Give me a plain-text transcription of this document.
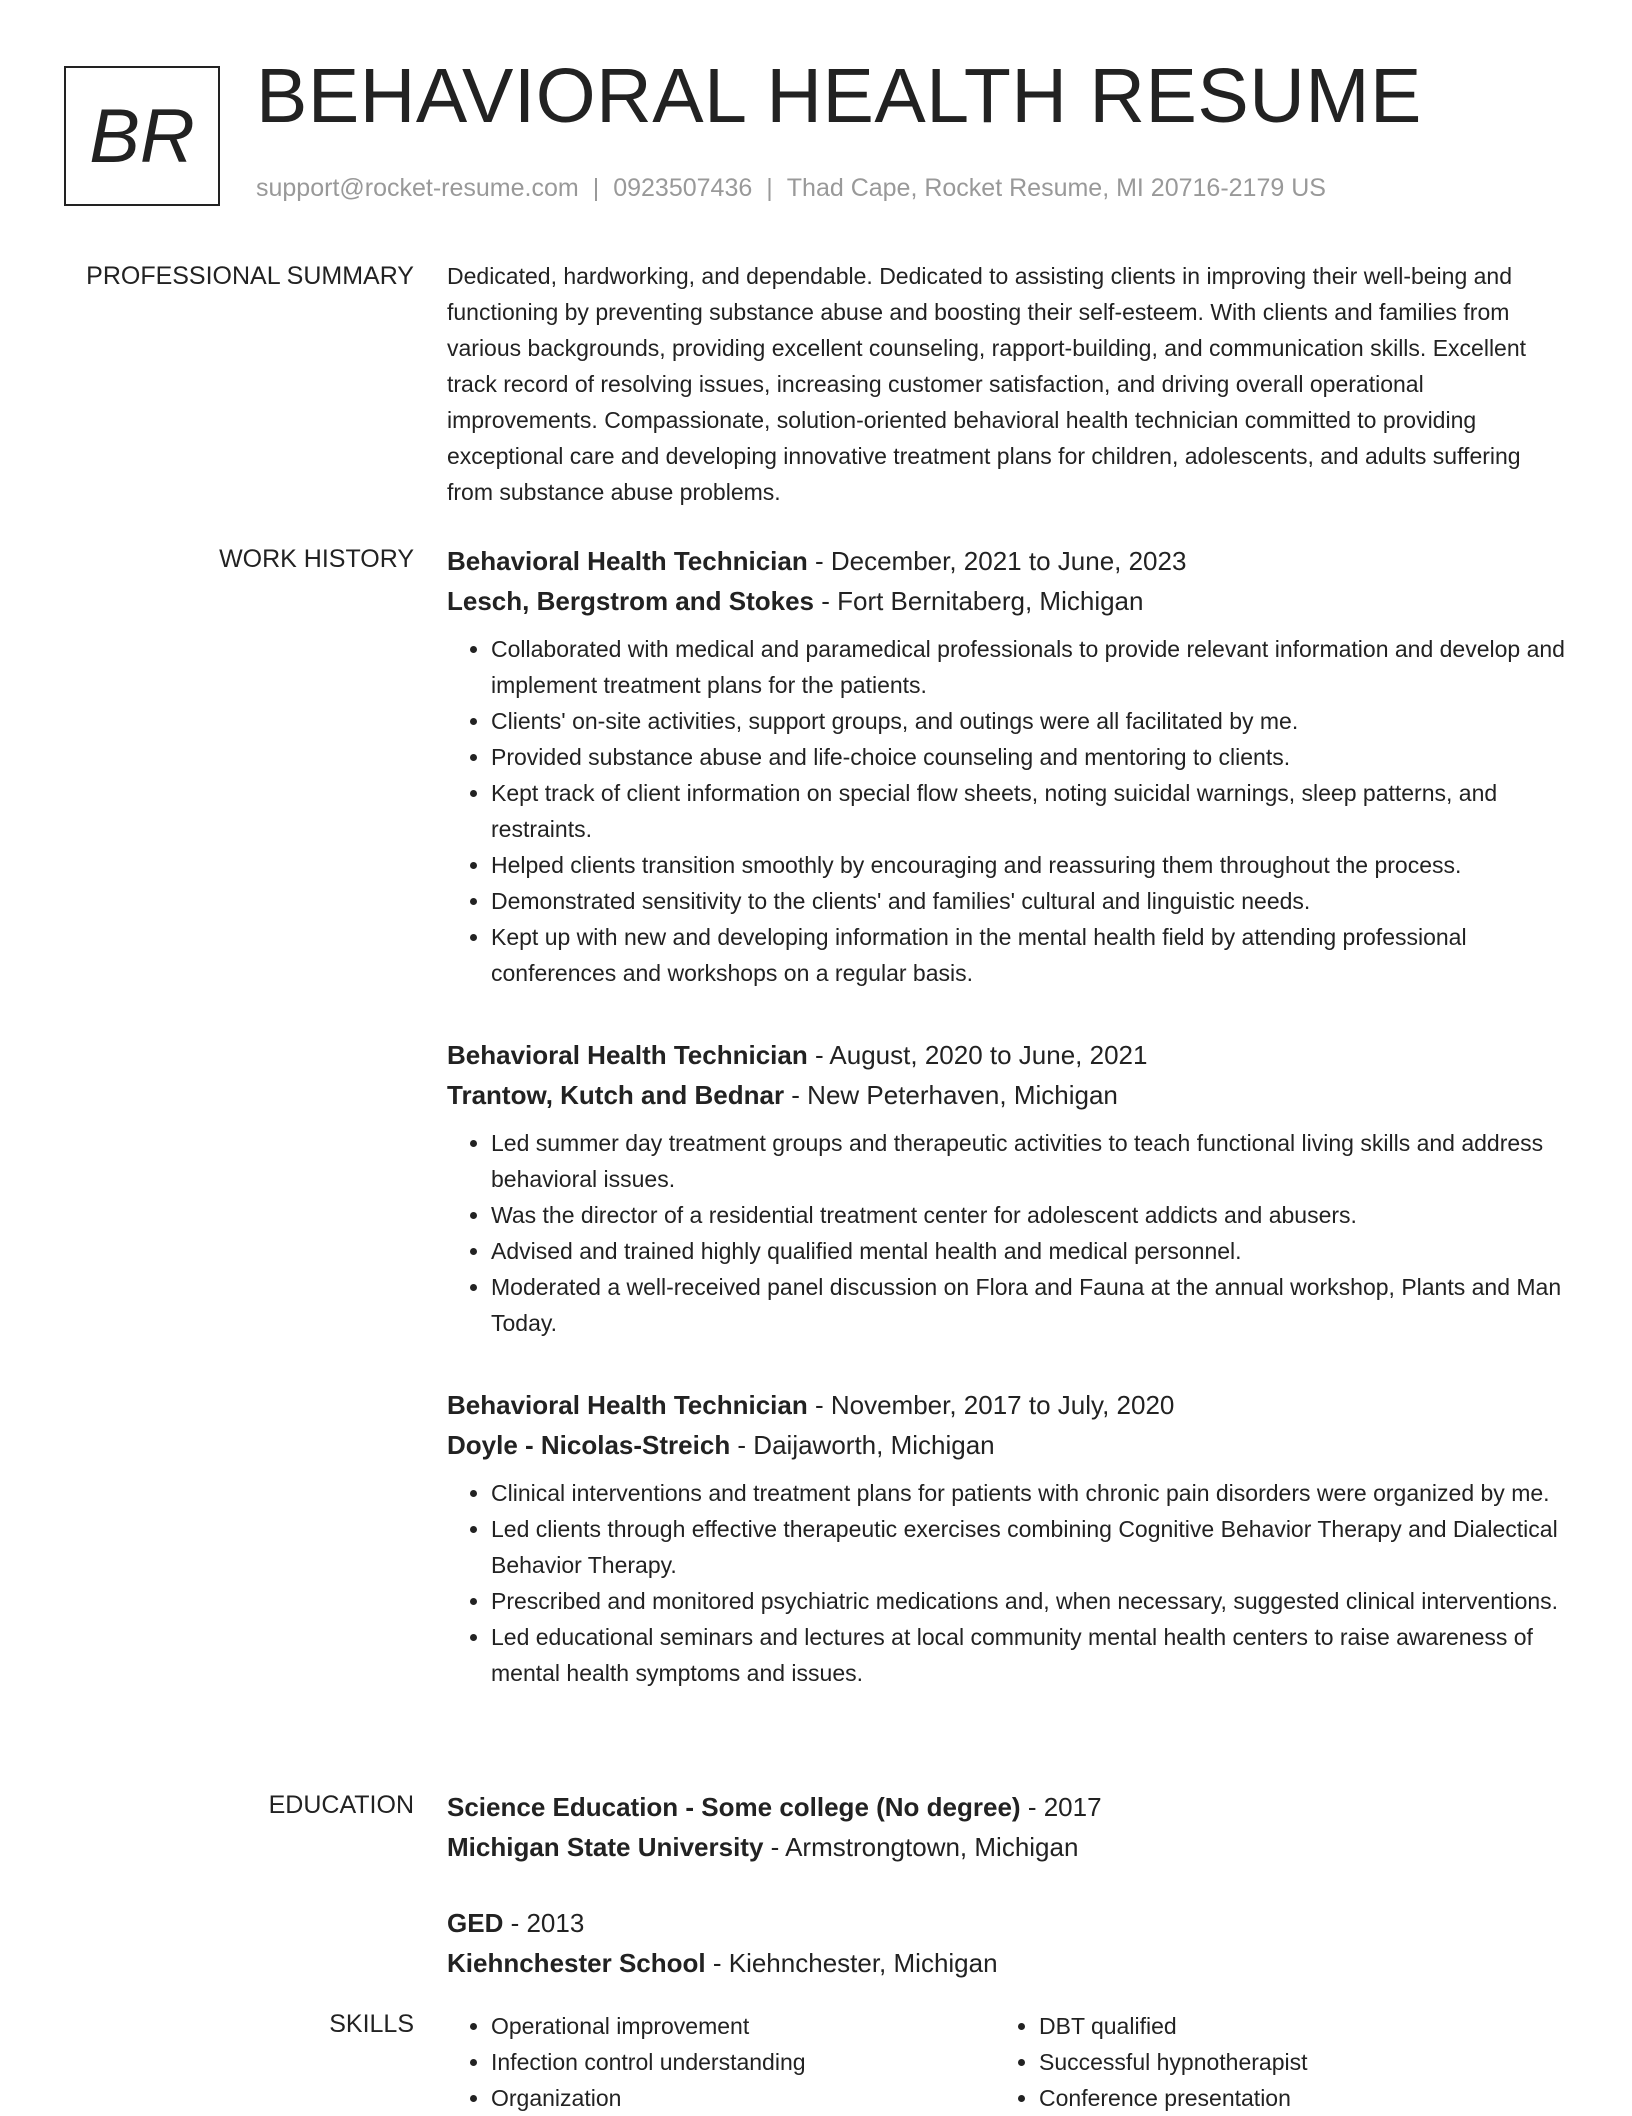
BR BEHAVIORAL HEALTH RESUME
support@rocket-resume.com | 0923507436 | Thad Cape, Rocket Resume, MI 20716-2179 US
PROFESSIONAL SUMMARY Dedicated, hardworking, and dependable. Dedicated to assisting clients in improving their well-being and functioning by preventing substance abuse and boosting their self-esteem. With clients and families from various backgrounds, providing excellent counseling, rapport-building, and communication skills. Excellent track record of resolving issues, increasing customer satisfaction, and driving overall operational improvements. Compassionate, solution-oriented behavioral health technician committed to providing exceptional care and developing innovative treatment plans for children, adolescents, and adults suffering from substance abuse problems.

WORK HISTORY Behavioral Health Technician - December, 2021 to June, 2023

Lesch, Bergstrom and Stokes - Fort Bernitaberg, Michigan

• Collaborated with medical and paramedical professionals to provide relevant information and develop and implement treatment plans for the patients.
• Clients' on-site activities, support groups, and outings were all facilitated by me.
• Provided substance abuse and life-choice counseling and mentoring to clients.
• Kept track of client information on special flow sheets, noting suicidal warnings, sleep patterns, and restraints.
• Helped clients transition smoothly by encouraging and reassuring them throughout the process.
• Demonstrated sensitivity to the clients' and families' cultural and linguistic needs.
• Kept up with new and developing information in the mental health field by attending professional conferences and workshops on a regular basis.

Behavioral Health Technician - August, 2020 to June, 2021

Trantow, Kutch and Bednar - New Peterhaven, Michigan

• Led summer day treatment groups and therapeutic activities to teach functional living skills and address behavioral issues.
• Was the director of a residential treatment center for adolescent addicts and abusers.
• Advised and trained highly qualified mental health and medical personnel.
• Moderated a well-received panel discussion on Flora and Fauna at the annual workshop, Plants and Man Today.

Behavioral Health Technician - November, 2017 to July, 2020

Doyle - Nicolas-Streich - Daijaworth, Michigan

• Clinical interventions and treatment plans for patients with chronic pain disorders were organized by me.
• Led clients through effective therapeutic exercises combining Cognitive Behavior Therapy and Dialectical Behavior Therapy.
• Prescribed and monitored psychiatric medications and, when necessary, suggested clinical interventions.
• Led educational seminars and lectures at local community mental health centers to raise awareness of mental health symptoms and issues.
EDUCATION Science Education - Some college (No degree) - 2017

Michigan State University - Armstrongtown, Michigan

GED - 2013

Kiehnchester School - Kiehnchester, Michigan

SKILLS
•	Operational improvement
• Infection control understanding
• Organization
• DBT qualified
• Successful hypnotherapist
• Conference presentation
